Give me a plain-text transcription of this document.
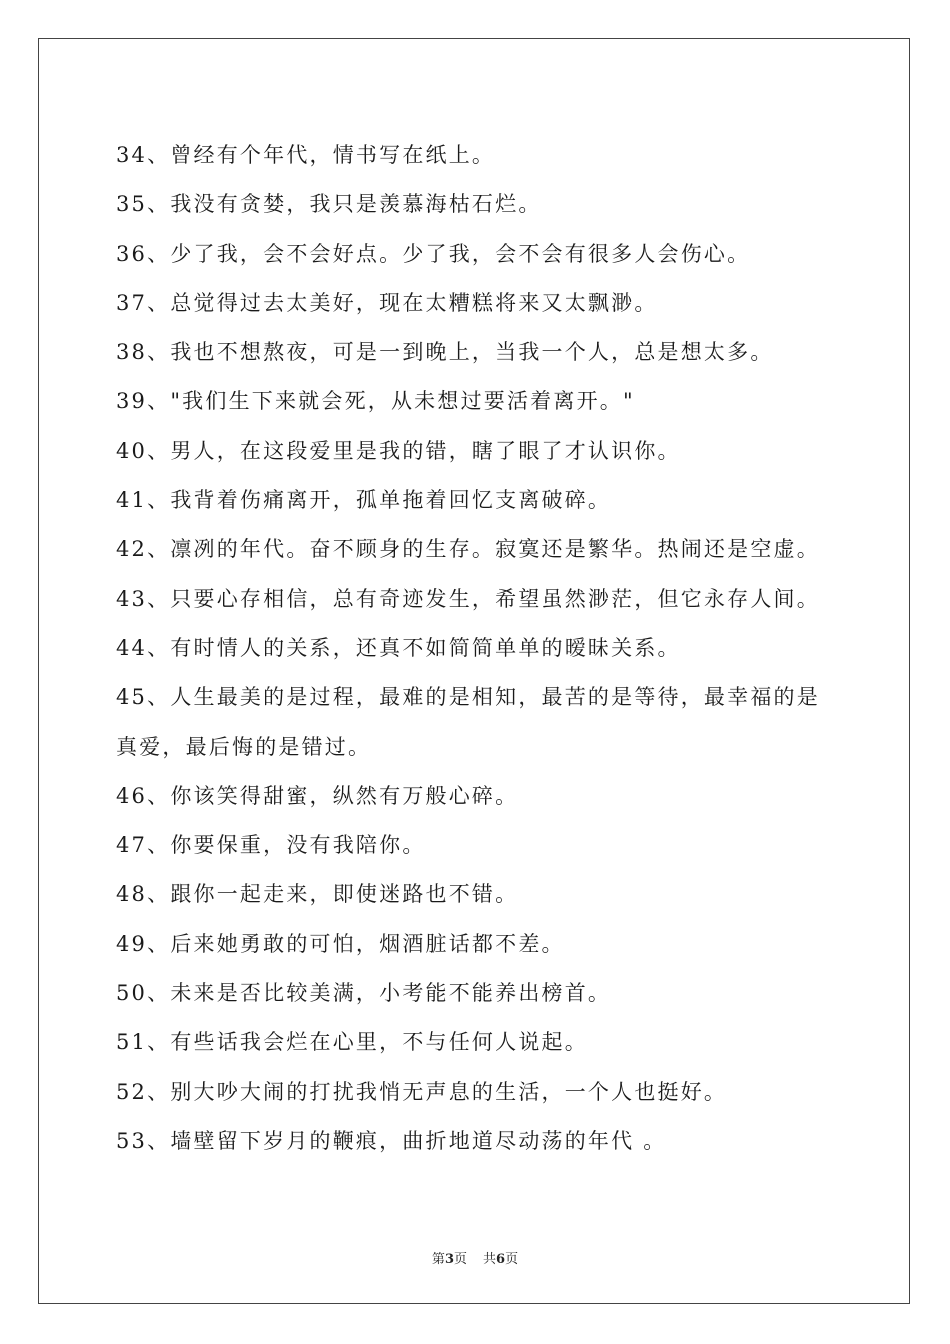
34、曾经有个年代，情书写在纸上。
35、我没有贪婪，我只是羡慕海枯石烂。
36、少了我，会不会好点。少了我，会不会有很多人会伤心。
37、总觉得过去太美好，现在太糟糕将来又太飘渺。
38、我也不想熬夜，可是一到晚上，当我一个人，总是想太多。
39、"我们生下来就会死，从未想过要活着离开。"
40、男人，在这段爱里是我的错，瞎了眼了才认识你。
41、我背着伤痛离开，孤单拖着回忆支离破碎。
42、凛冽的年代。奋不顾身的生存。寂寞还是繁华。热闹还是空虚。
43、只要心存相信，总有奇迹发生，希望虽然渺茫，但它永存人间。
44、有时情人的关系，还真不如简简单单的暧昧关系。
45、人生最美的是过程，最难的是相知，最苦的是等待，最幸福的是
真爱，最后悔的是错过。
46、你该笑得甜蜜，纵然有万般心碎。
47、你要保重，没有我陪你。
48、跟你一起走来，即使迷路也不错。
49、后来她勇敢的可怕，烟酒脏话都不差。
50、未来是否比较美满，小考能不能养出榜首。
51、有些话我会烂在心里，不与任何人说起。
52、别大吵大闹的打扰我悄无声息的生活，一个人也挺好。
53、墙壁留下岁月的鞭痕，曲折地道尽动荡的年代 。
第3页 共6页
